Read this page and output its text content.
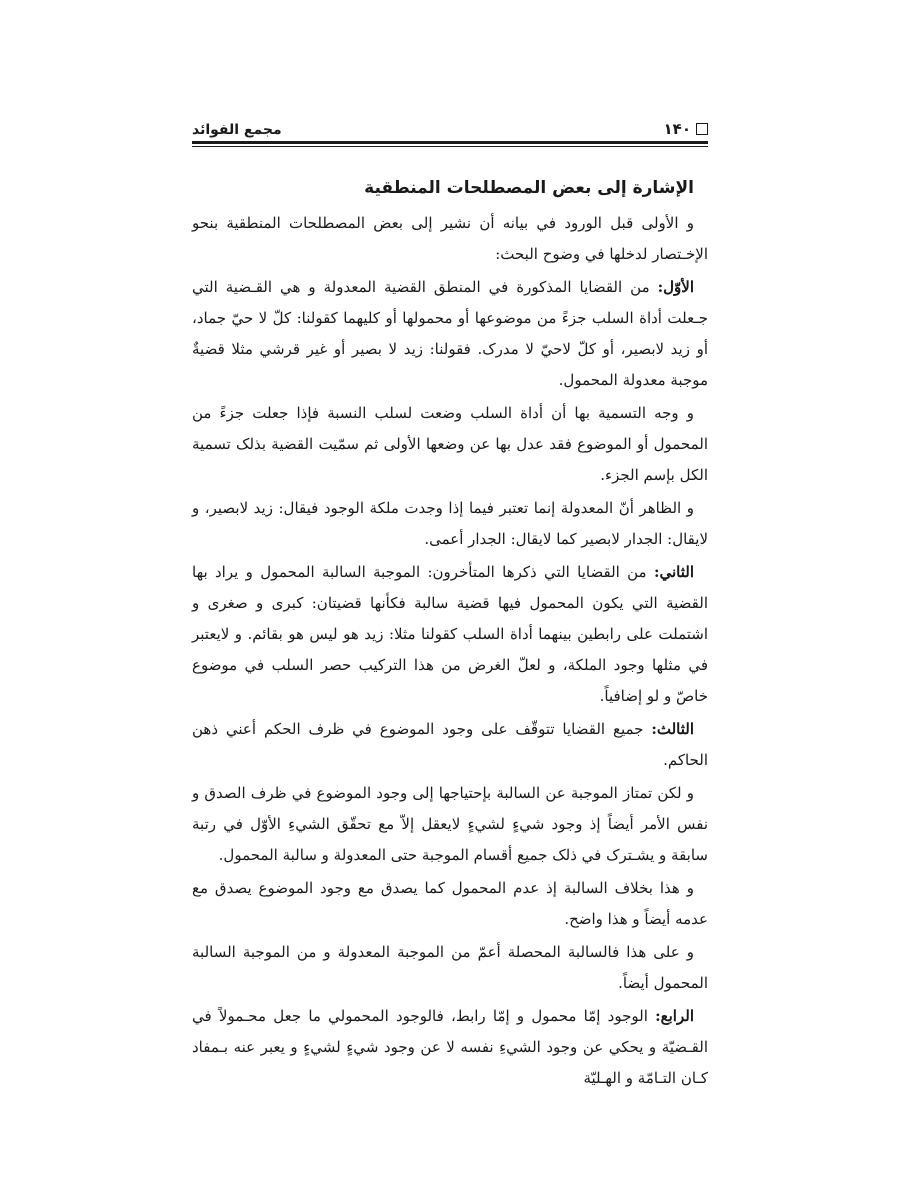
١۴٠
مجمع الفوائد
الإشارة إلى بعض المصطلحات المنطقية

و الأولى قبل الورود في بيانه أن نشير إلى بعض المصطلحات المنطقية بنحو الإخـتصار لدخلها في وضوح البحث:

الأوّل: من القضايا المذكورة في المنطق القضية المعدولة و هي القـضية التي جـعلت أداة السلب جزءً من موضوعها أو محمولها أو كليهما كقولنا: كلّ لا حيّ جماد، أو زيد لابصير، أو كلّ لاحيّ لا مدرک. فقولنا: زيد لا بصير أو غير قرشي مثلا قضيةٌ موجبة معدولة المحمول.

و وجه التسمية بها أن أداة السلب وضعت لسلب النسبة فإذا جعلت جزءً من المحمول أو الموضوع فقد عدل بها عن وضعها الأولى ثم سمّيت القضية بذلک تسمية الكل بإسم الجزء.

و الظاهر أنّ المعدولة إنما تعتبر فيما إذا وجدت ملكة الوجود فيقال: زيد لابصير، و لايقال: الجدار لابصير كما لايقال: الجدار أعمى.

الثاني: من القضايا التي ذكرها المتأخرون: الموجبة السالبة المحمول و يراد بها القضية التي يكون المحمول فيها قضية سالبة فكأنها قضيتان: كبرى و صغرى و اشتملت على رابطين بينهما أداة السلب كقولنا مثلا: زيد هو ليس هو بقائم. و لايعتبر في مثلها وجود الملكة، و لعلّ الغرض من هذا التركيب حصر السلب في موضوع خاصّ و لو إضافياً.

الثالث: جميع القضايا تتوقّف على وجود الموضوع في ظرف الحكم أعني ذهن الحاكم.

و لكن تمتاز الموجبة عن السالبة بإحتياجها إلى وجود الموضوع في ظرف الصدق و نفس الأمر أيضاً إذ وجود شيءٍ لشيءٍ لايعقل إلاّ مع تحقّق الشيءِ الأوّل في رتبة سابقة و يشـترک في ذلک جميع أقسام الموجبة حتى المعدولة و سالبة المحمول.

و هذا بخلاف السالبة إذ عدم المحمول كما يصدق مع وجود الموضوع يصدق مع عدمه أيضاً و هذا واضح.

و على هذا فالسالبة المحصلة أعمّ من الموجبة المعدولة و من الموجبة السالبة المحمول أيضاً.

الرابع: الوجود إمّا محمول و إمّا رابط، فالوجود المحمولي ما جعل محـمولاً في القـضيّة و يحكي عن وجود الشيءِ نفسه لا عن وجود شيءٍ لشيءٍ و يعبر عنه بـمفاد كـان التـامّة و الهـليّة
